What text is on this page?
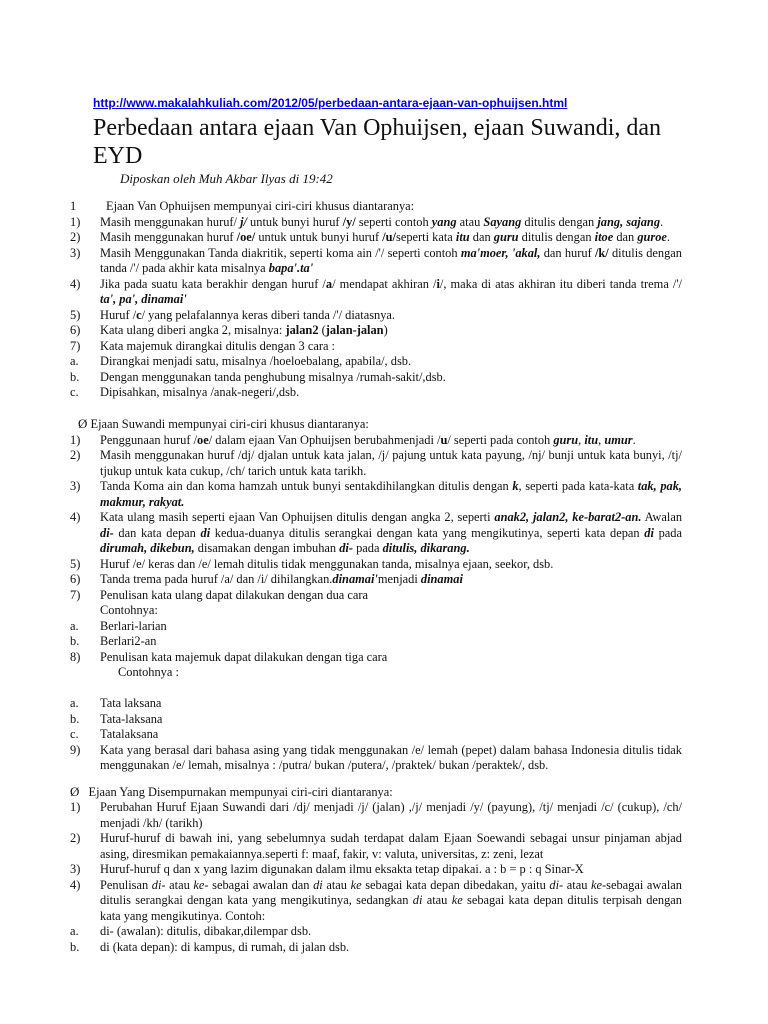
http://www.makalahkuliah.com/2012/05/perbedaan-antara-ejaan-van-ophuijsen.html
Perbedaan antara ejaan Van Ophuijsen, ejaan Suwandi, dan EYD
Diposkan oleh Muh Akbar Ilyas di 19:42
1	Ejaan Van Ophuijsen mempunyai ciri-ciri khusus diantaranya:
1)	Masih menggunakan huruf/ j/ untuk bunyi huruf /y/ seperti contoh yang atau Sayang ditulis dengan jang, sajang.
2)	Masih menggunakan huruf /oe/ untuk untuk bunyi huruf /u/seperti kata itu dan guru ditulis dengan itoe dan guroe.
3)	Masih Menggunakan Tanda diakritik, seperti koma ain /'/ seperti contoh ma'moer, 'akal, dan huruf /k/ ditulis dengan tanda /'/ pada akhir kata misalnya bapa'.ta'
4)	Jika pada suatu kata berakhir dengan huruf /a/ mendapat akhiran /i/, maka di atas akhiran itu diberi tanda trema /'/ ta', pa', dinamai'
5)	Huruf /c/ yang pelafalannya keras diberi tanda /'/ diatasnya.
6)	Kata ulang diberi angka 2, misalnya: jalan2 (jalan-jalan)
7)	Kata majemuk dirangkai ditulis dengan 3 cara :
a.	Dirangkai menjadi satu, misalnya /hoeloebalang, apabila/, dsb.
b.	Dengan menggunakan tanda penghubung misalnya /rumah-sakit/,dsb.
c.	Dipisahkan, misalnya /anak-negeri/,dsb.
Ø Ejaan Suwandi mempunyai ciri-ciri khusus diantaranya:
1)	Penggunaan huruf /oe/ dalam ejaan Van Ophuijsen berubahmenjadi /u/ seperti pada contoh guru, itu, umur.
2)	Masih menggunakan huruf /dj/ djalan untuk kata jalan, /j/ pajung untuk kata payung, /nj/ bunji untuk kata bunyi, /tj/ tjukup untuk kata cukup, /ch/ tarich untuk kata tarikh.
3)	Tanda Koma ain dan koma hamzah untuk bunyi sentakdihilangkan ditulis dengan k, seperti pada kata-kata tak, pak, makmur, rakyat.
4)	Kata ulang masih seperti ejaan Van Ophuijsen ditulis dengan angka 2, seperti anak2, jalan2, ke-barat2-an. Awalan di- dan kata depan di kedua-duanya ditulis serangkai dengan kata yang mengikutinya, seperti kata depan di pada dirumah, dikebun, disamakan dengan imbuhan di- pada ditulis, dikarang.
5)	Huruf /e/ keras dan /e/ lemah ditulis tidak menggunakan tanda, misalnya ejaan, seekor, dsb.
6)	Tanda trema pada huruf /a/ dan /i/ dihilangkan.dinamai'menjadi dinamai
7)	Penulisan kata ulang dapat dilakukan dengan dua cara
Contohnya:
a.	Berlari-larian
b.	Berlari2-an
8)	Penulisan kata majemuk dapat dilakukan dengan tiga cara
Contohnya :
a.	Tata laksana
b.	Tata-laksana
c.	Tatalaksana
9)	Kata yang berasal dari bahasa asing yang tidak menggunakan /e/ lemah (pepet) dalam bahasa Indonesia ditulis tidak menggunakan /e/ lemah, misalnya : /putra/ bukan /putera/, /praktek/ bukan /peraktek/, dsb.
Ø Ejaan Yang Disempurnakan mempunyai ciri-ciri diantaranya:
1)	Perubahan Huruf Ejaan Suwandi dari /dj/ menjadi /j/ (jalan) ,/j/ menjadi /y/ (payung), /tj/ menjadi /c/ (cukup), /ch/ menjadi /kh/ (tarikh)
2)	Huruf-huruf di bawah ini, yang sebelumnya sudah terdapat dalam Ejaan Soewandi sebagai unsur pinjaman abjad asing, diresmikan pemakaiannya.seperti f: maaf, fakir, v: valuta, universitas, z: zeni, lezat
3)	Huruf-huruf q dan x yang lazim digunakan dalam ilmu eksakta tetap dipakai. a : b = p : q Sinar-X
4)	Penulisan di- atau ke- sebagai awalan dan di atau ke sebagai kata depan dibedakan, yaitu di- atau ke-sebagai awalan ditulis serangkai dengan kata yang mengikutinya, sedangkan di atau ke sebagai kata depan ditulis terpisah dengan kata yang mengikutinya. Contoh:
a.	di- (awalan): ditulis, dibakar,dilempar dsb.
b.	di (kata depan): di kampus, di rumah, di jalan dsb.
